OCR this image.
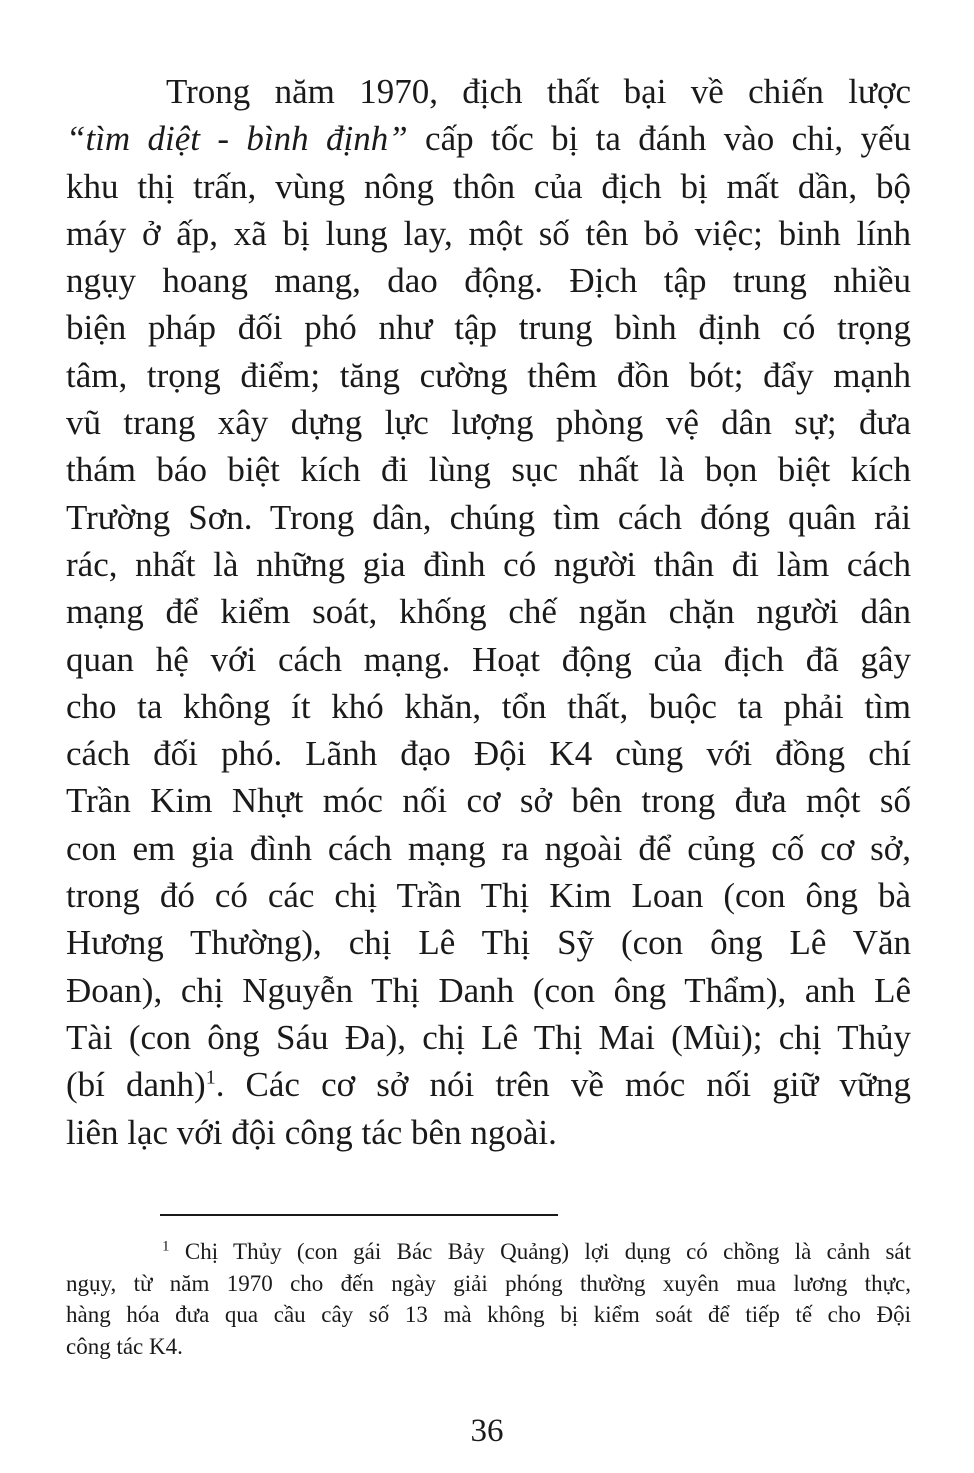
Trong năm 1970, địch thất bại về chiến lược
“tìm diệt - bình định” cấp tốc bị ta đánh vào chi, yếu
khu thị trấn, vùng nông thôn của địch bị mất dần, bộ
máy ở ấp, xã bị lung lay, một số tên bỏ việc; binh lính
ngụy hoang mang, dao động. Địch tập trung nhiều
biện pháp đối phó như tập trung bình định có trọng
tâm, trọng điểm; tăng cường thêm đồn bót; đẩy mạnh
vũ trang xây dựng lực lượng phòng vệ dân sự; đưa
thám báo biệt kích đi lùng sục nhất là bọn biệt kích
Trường Sơn. Trong dân, chúng tìm cách đóng quân rải
rác, nhất là những gia đình có người thân đi làm cách
mạng để kiểm soát, khống chế ngăn chặn người dân
quan hệ với cách mạng. Hoạt động của địch đã gây
cho ta không ít khó khăn, tổn thất, buộc ta phải tìm
cách đối phó. Lãnh đạo Đội K4 cùng với đồng chí
Trần Kim Nhựt móc nối cơ sở bên trong đưa một số
con em gia đình cách mạng ra ngoài để củng cố cơ sở,
trong đó có các chị Trần Thị Kim Loan (con ông bà
Hương Thường), chị Lê Thị Sỹ (con ông Lê Văn
Đoan), chị Nguyễn Thị Danh (con ông Thẩm), anh Lê
Tài (con ông Sáu Đa), chị Lê Thị Mai (Mùi); chị Thủy
(bí danh)$^1$. Các cơ sở nói trên về móc nối giữ vững
liên lạc với đội công tác bên ngoài.
$^1$ Chị Thủy (con gái Bác Bảy Quảng) lợi dụng có chồng là cảnh sát
ngụy, từ năm 1970 cho đến ngày giải phóng thường xuyên mua lương thực,
hàng hóa đưa qua cầu cây số 13 mà không bị kiểm soát để tiếp tế cho Đội
công tác K4.
36
